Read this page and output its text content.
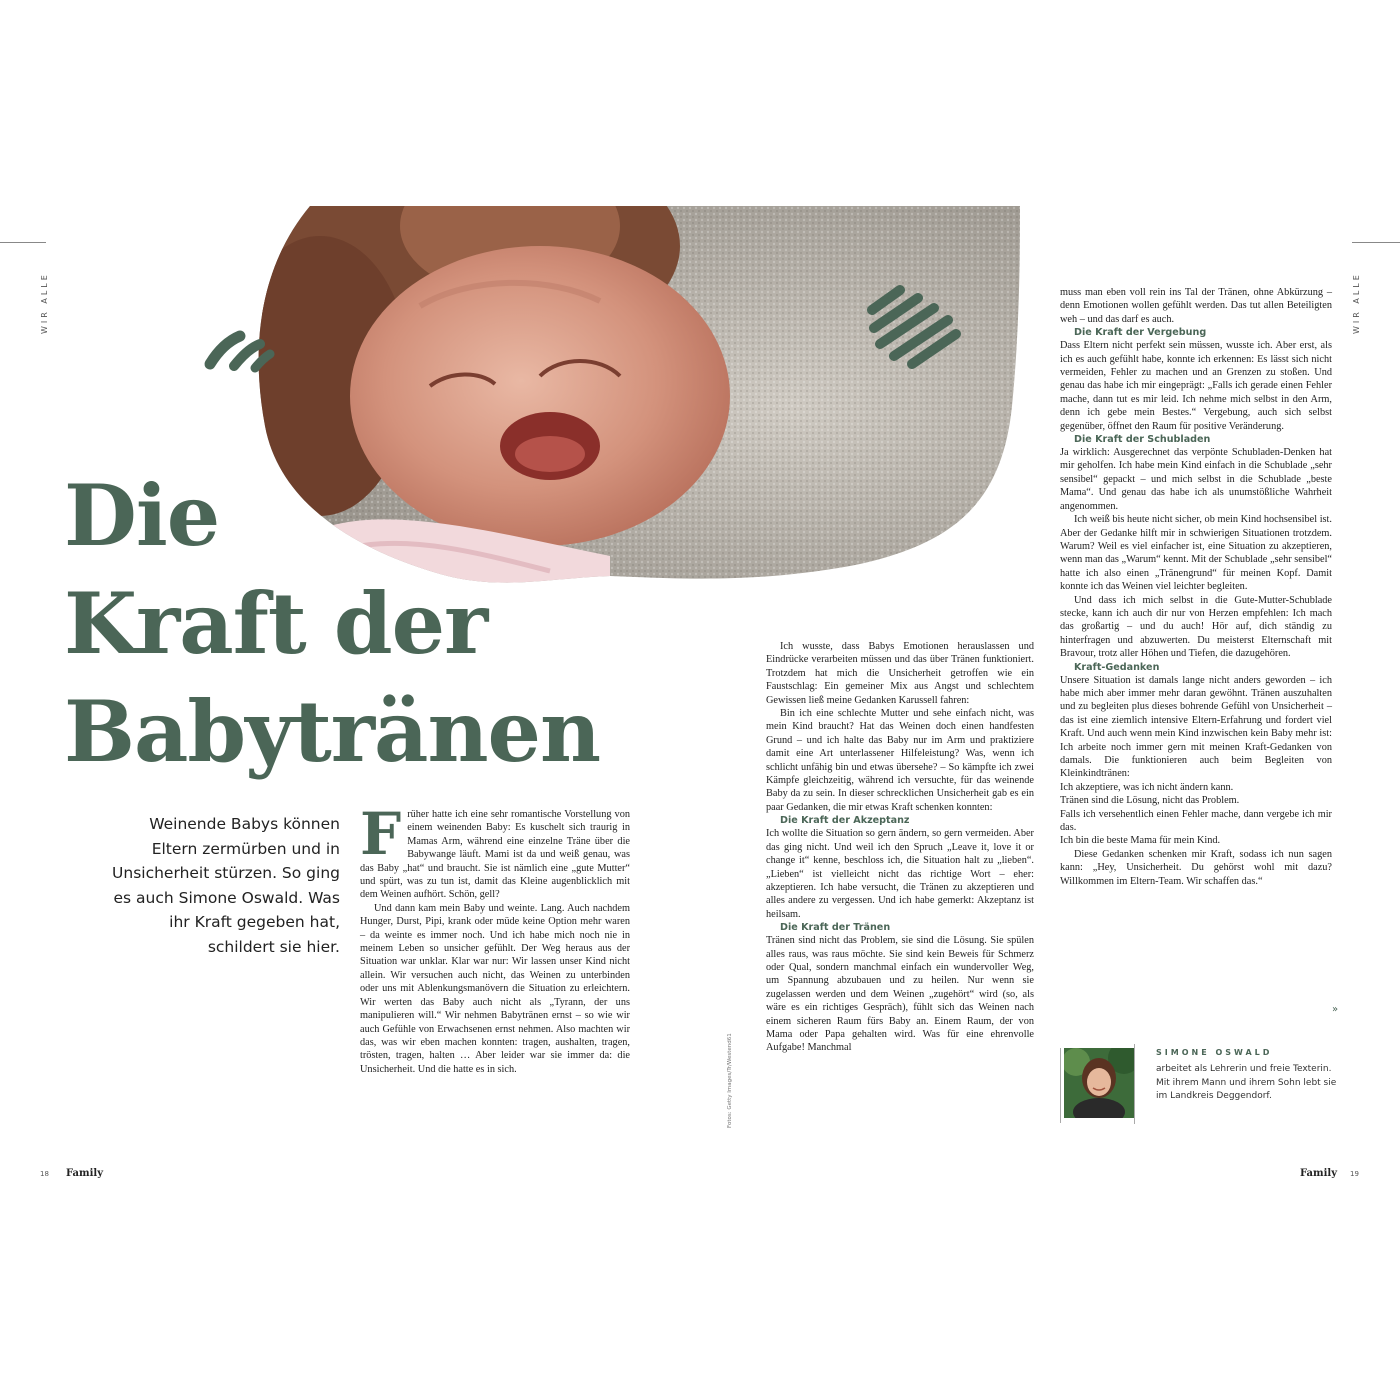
WIR ALLE	WIR ALLE
Die
Kraft der
Babytränen
Weinende Babys können Eltern zermürben und in Unsicherheit stürzen. So ging es auch Simone Oswald. Was ihr Kraft gegeben hat, schildert sie hier.

Früher hatte ich eine sehr romantische Vorstellung von einem weinenden Baby: Es kuschelt sich traurig in Mamas Arm, während eine einzelne Träne über die Babywange läuft. Mami ist da und weiß genau, was das Baby „hat“ und braucht. Sie ist nämlich eine „gute Mutter“ und spürt, was zu tun ist, damit das Kleine augenblicklich mit dem Weinen aufhört. Schön, gell?

Und dann kam mein Baby und weinte. Lang. Auch nachdem Hunger, Durst, Pipi, krank oder müde keine Option mehr waren – da weinte es immer noch. Und ich habe mich noch nie in meinem Leben so unsicher gefühlt. Der Weg heraus aus der Situation war unklar. Klar war nur: Wir lassen unser Kind nicht allein. Wir versuchen auch nicht, das Weinen zu unterbinden oder uns mit Ablenkungsmanövern die Situation zu erleichtern. Wir werten das Baby auch nicht als „Tyrann, der uns manipulieren will.“ Wir nehmen Babytränen ernst – so wie wir auch Gefühle von Erwachsenen ernst nehmen. Also machten wir das, was wir eben machen konnten: tragen, aushalten, tragen, trösten, tragen, halten … Aber leider war sie immer da: die Unsicherheit. Und die hatte es in sich.	Fotos: Getty Images/Tr/Westend61

Ich wusste, dass Babys Emotionen herauslassen und Eindrücke verarbeiten müssen und das über Tränen funktioniert. Trotzdem hat mich die Unsicherheit getroffen wie ein Faustschlag: Ein gemeiner Mix aus Angst und schlechtem Gewissen ließ meine Gedanken Karussell fahren:

Bin ich eine schlechte Mutter und sehe einfach nicht, was mein Kind braucht? Hat das Weinen doch einen handfesten Grund – und ich halte das Baby nur im Arm und praktiziere damit eine Art unterlassener Hilfeleistung? Was, wenn ich schlicht unfähig bin und etwas übersehe? – So kämpfte ich zwei Kämpfe gleichzeitig, während ich versuchte, für das weinende Baby da zu sein. In dieser schrecklichen Unsicherheit gab es ein paar Gedanken, die mir etwas Kraft schenken konnten:

Die Kraft der Akzeptanz

Ich wollte die Situation so gern ändern, so gern vermeiden. Aber das ging nicht. Und weil ich den Spruch „Leave it, love it or change it“ kenne, beschloss ich, die Situation halt zu „lieben“. „Lieben“ ist vielleicht nicht das richtige Wort – eher: akzeptieren. Ich habe versucht, die Tränen zu akzeptieren und alles andere zu vergessen. Und ich habe gemerkt: Akzeptanz ist heilsam.

Die Kraft der Tränen

Tränen sind nicht das Problem, sie sind die Lösung. Sie spülen alles raus, was raus möchte. Sie sind kein Beweis für Schmerz oder Qual, sondern manchmal einfach ein wundervoller Weg, um Spannung abzubauen und zu heilen. Nur wenn sie zugelassen werden und dem Weinen „zugehört“ wird (so, als wäre es ein richtiges Gespräch), fühlt sich das Weinen nach einem sicheren Raum fürs Baby an. Einem Raum, der von Mama oder Papa gehalten wird. Was für eine ehrenvolle Aufgabe! Manchmal

muss man eben voll rein ins Tal der Tränen, ohne Abkürzung – denn Emotionen wollen gefühlt werden. Das tut allen Beteiligten weh – und das darf es auch.

Die Kraft der Vergebung

Dass Eltern nicht perfekt sein müssen, wusste ich. Aber erst, als ich es auch gefühlt habe, konnte ich erkennen: Es lässt sich nicht vermeiden, Fehler zu machen und an Grenzen zu stoßen. Und genau das habe ich mir eingeprägt: „Falls ich gerade einen Fehler mache, dann tut es mir leid. Ich nehme mich selbst in den Arm, denn ich gebe mein Bestes.“ Vergebung, auch sich selbst gegenüber, öffnet den Raum für positive Veränderung.

Die Kraft der Schubladen

Ja wirklich: Ausgerechnet das verpönte Schubladen-Denken hat mir geholfen. Ich habe mein Kind einfach in die Schublade „sehr sensibel“ gepackt – und mich selbst in die Schublade „beste Mama“. Und genau das habe ich als unumstößliche Wahrheit angenommen.

Ich weiß bis heute nicht sicher, ob mein Kind hochsensibel ist. Aber der Gedanke hilft mir in schwierigen Situationen trotzdem. Warum? Weil es viel einfacher ist, eine Situation zu akzeptieren, wenn man das „Warum“ kennt. Mit der Schublade „sehr sensibel“ hatte ich also einen „Tränengrund“ für meinen Kopf. Damit konnte ich das Weinen viel leichter begleiten.

Und dass ich mich selbst in die Gute-Mutter-Schublade stecke, kann ich auch dir nur von Herzen empfehlen: Ich mach das großartig – und du auch! Hör auf, dich ständig zu hinterfragen und abzuwerten. Du meisterst Elternschaft mit Bravour, trotz aller Höhen und Tiefen, die dazugehören.

Kraft-Gedanken

Unsere Situation ist damals lange nicht anders geworden – ich habe mich aber immer mehr daran gewöhnt. Tränen auszuhalten und zu begleiten plus dieses bohrende Gefühl von Unsicherheit – das ist eine ziemlich intensive Eltern-Erfahrung und fordert viel Kraft. Und auch wenn mein Kind inzwischen kein Baby mehr ist: Ich arbeite noch immer gern mit meinen Kraft-Gedanken von damals. Die funktionieren auch beim Begleiten von Kleinkindtränen:

Ich akzeptiere, was ich nicht ändern kann.

Tränen sind die Lösung, nicht das Problem.

Falls ich versehentlich einen Fehler mache, dann vergebe ich mir das.

Ich bin die beste Mama für mein Kind.

Diese Gedanken schenken mir Kraft, sodass ich nun sagen kann: „Hey, Unsicherheit. Du gehörst wohl mit dazu? Willkommen im Eltern-Team. Wir schaffen das.“

»
SIMONE OSWALD
arbeitet als Lehrerin und freie Texterin. Mit ihrem Mann und ihrem Sohn lebt sie im Landkreis Deggendorf.
18 Family	Family 19
